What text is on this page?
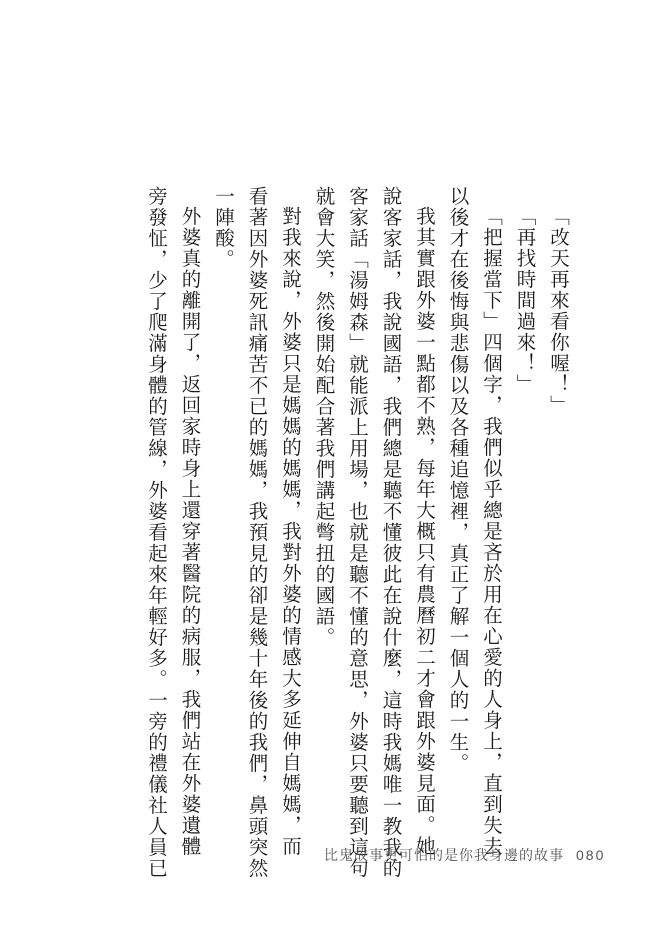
「改天再來看你喔！」

「再找時間過來！」

「把握當下」四個字，我們似乎總是吝於用在心愛的人身上，直到失去

以後才在後悔與悲傷以及各種追憶裡，真正了解一個人的一生。

我其實跟外婆一點都不熟，每年大概只有農曆初二才會跟外婆見面。她

說客家話，我說國語，我們總是聽不懂彼此在說什麼，這時我媽唯一教我的

客家話「湯姆森」就能派上用場，也就是聽不懂的意思，外婆只要聽到這句

就會大笑，然後開始配合著我們講起彆扭的國語。

對我來說，外婆只是媽媽的媽媽，我對外婆的情感大多延伸自媽媽，而

看著因外婆死訊痛苦不已的媽媽，我預見的卻是幾十年後的我們，鼻頭突然

一陣酸。

外婆真的離開了，返回家時身上還穿著醫院的病服，我們站在外婆遺體

旁發怔，少了爬滿身體的管線，外婆看起來年輕好多。一旁的禮儀社人員已	比鬼故事更可怕的是你我身邊的故事 080
